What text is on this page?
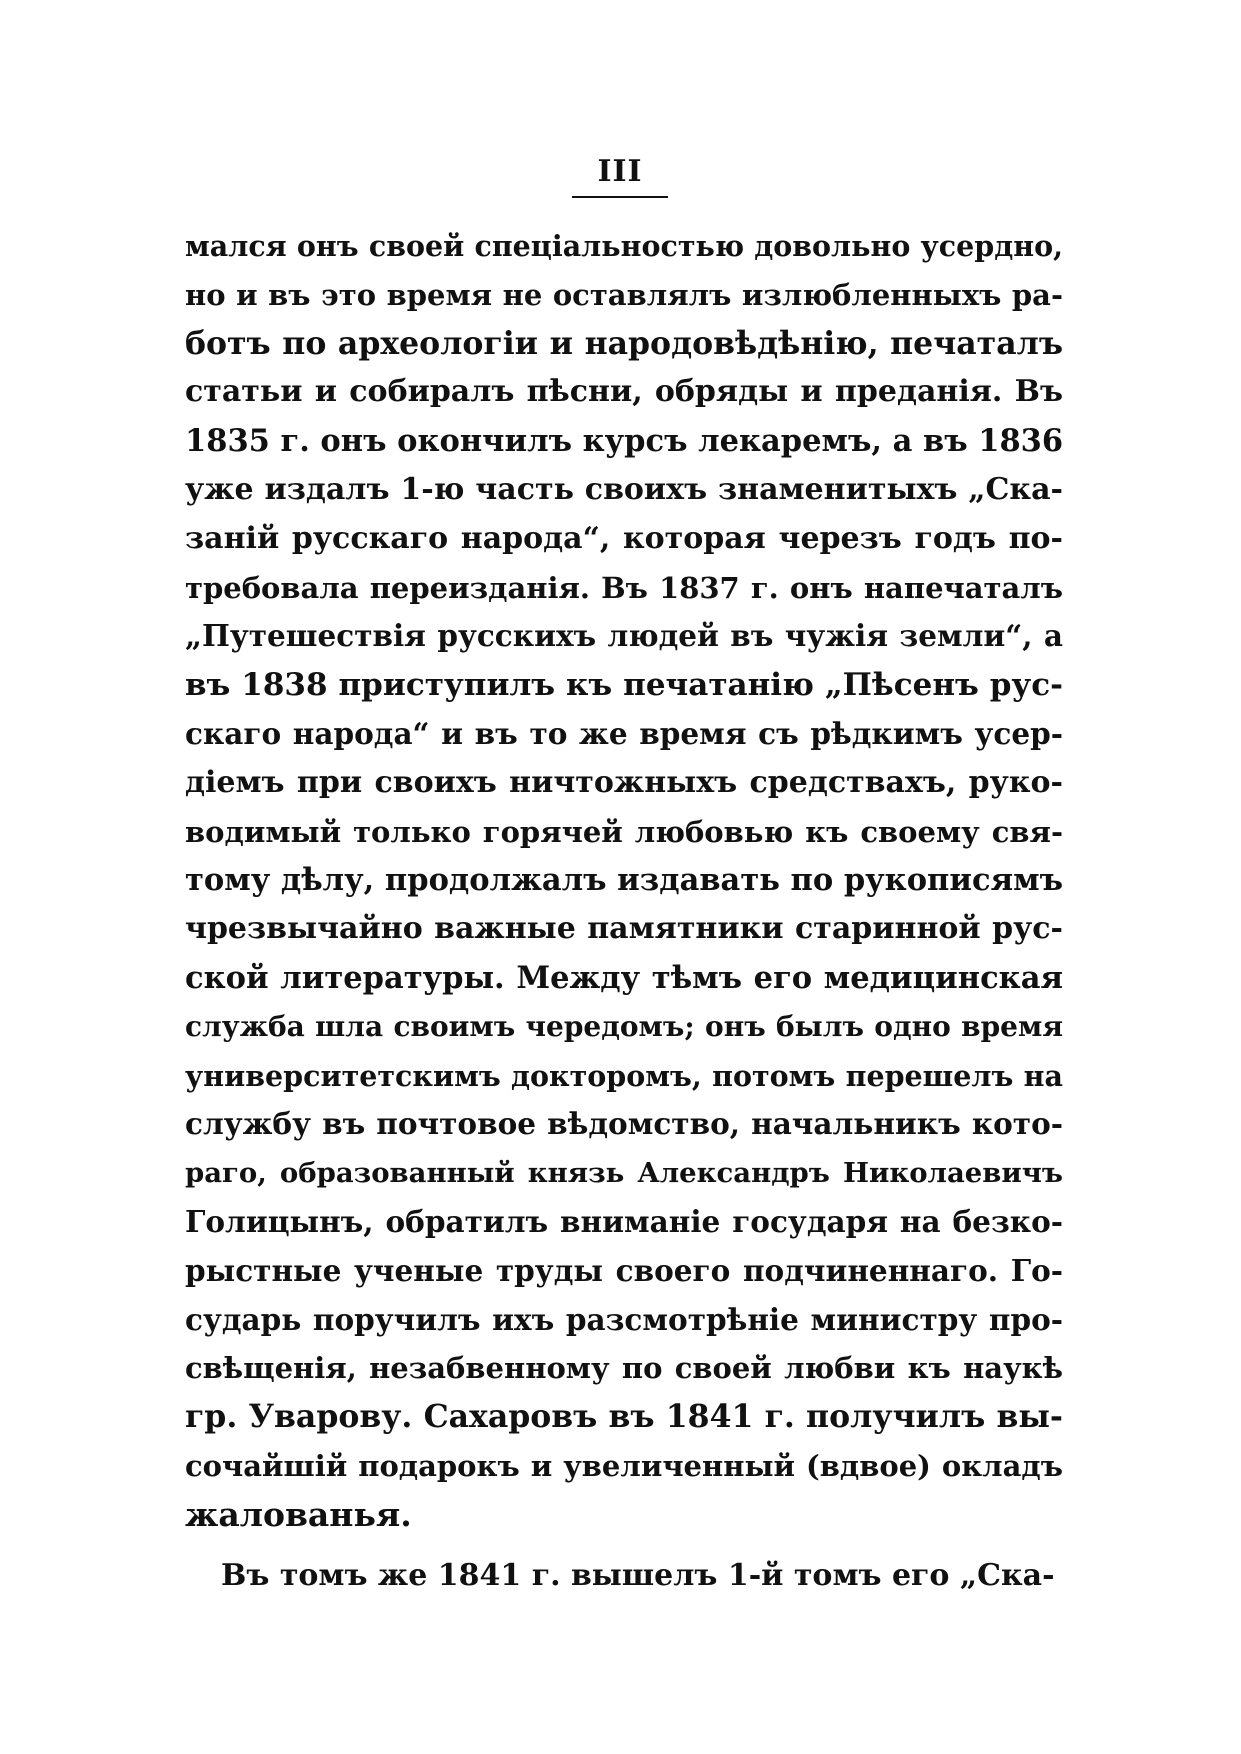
III
мался онъ своей спеціальностью довольно усердно,
но и въ это время не оставлялъ излюбленныхъ ра-
ботъ по археологіи и народовѣдѣнію, печаталъ
статьи и собиралъ пѣсни, обряды и преданія. Въ
1835 г. онъ окончилъ курсъ лекаремъ, а въ 1836
уже издалъ 1-ю часть своихъ знаменитыхъ „Ска-
заній русскаго народа“, которая черезъ годъ по-
требовала переизданія. Въ 1837 г. онъ напечаталъ
„Путешествія русскихъ людей въ чужія земли“, а
въ 1838 приступилъ къ печатанію „Пѣсенъ рус-
скаго народа“ и въ то же время съ рѣдкимъ усер-
діемъ при своихъ ничтожныхъ средствахъ, руко-
водимый только горячей любовью къ своему свя-
тому дѣлу, продолжалъ издавать по рукописямъ
чрезвычайно важные памятники старинной рус-
ской литературы. Между тѣмъ его медицинская
служба шла своимъ чередомъ; онъ былъ одно время
университетскимъ докторомъ, потомъ перешелъ на
службу въ почтовое вѣдомство, начальникъ кото-
раго, образованный князь Александръ Николаевичъ
Голицынъ, обратилъ вниманіе государя на безко-
рыстные ученые труды своего подчиненнаго. Го-
сударь поручилъ ихъ разсмотрѣніе министру про-
свѣщенія, незабвенному по своей любви къ наукѣ
гр. Уварову. Сахаровъ въ 1841 г. получилъ вы-
сочайшій подарокъ и увеличенный (вдвое) окладъ
жалованья.
Въ томъ же 1841 г. вышелъ 1-й томъ его „Ска-
